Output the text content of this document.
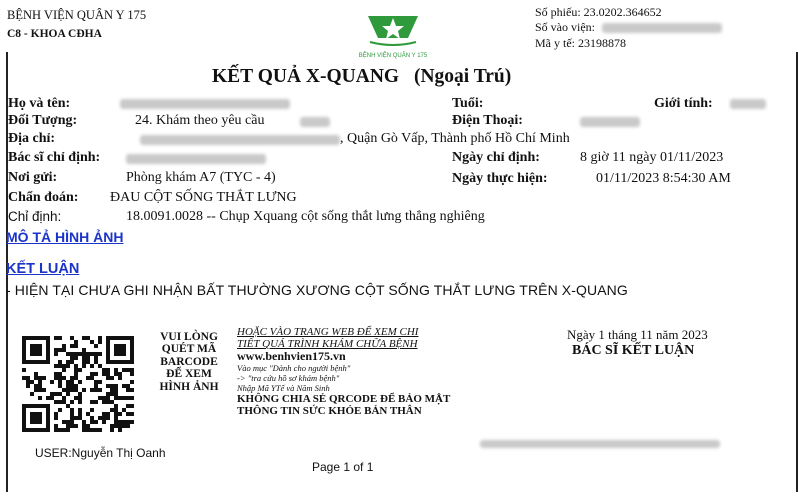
BỆNH VIỆN QUÂN Y 175
C8 - KHOA CĐHA
BỆNH VIỆN QUÂN Y 175
Số phiếu: 23.0202.364652
Số vào viện:
Mã y tế: 23198878
KẾT QUẢ X-QUANG (Ngoại Trú)
Họ và tên:	Tuổi:	Giới tính:
Đối Tượng:	24. Khám theo yêu cầu	Điện Thoại:
Địa chỉ:	, Quận Gò Vấp, Thành phố Hồ Chí Minh
Bác sĩ chỉ định:	Ngày chỉ định:	8 giờ 11 ngày 01/11/2023
Nơi gửi:	Phòng khám A7 (TYC - 4)	Ngày thực hiện:	01/11/2023 8:54:30 AM
Chẩn đoán: ĐAU CỘT SỐNG THẮT LƯNG
Chỉ định:	18.0091.0028 -- Chụp Xquang cột sống thắt lưng thẳng nghiêng
MÔ TẢ HÌNH ẢNH
KẾT LUẬN
- HIỆN TẠI CHƯA GHI NHẬN BẤT THƯỜNG XƯƠNG CỘT SỐNG THẮT LƯNG TRÊN X-QUANG
VUI LÒNG
QUÉT MÃ
BARCODE
ĐỂ XEM
HÌNH ẢNH
HOẶC VÀO TRANG WEB ĐỂ XEM CHI
TIẾT QUÁ TRÌNH KHÁM CHỮA BỆNH
www.benhvien175.vn
Vào mục "Dành cho người bệnh"
-> "tra cứu hồ sơ khám bệnh"
Nhập Mã YTế và Năm Sinh
KHÔNG CHIA SẺ QRCODE ĐỂ BẢO MẬT
THÔNG TIN SỨC KHỎE BẢN THÂN
Ngày 1 tháng 11 năm 2023
BÁC SĨ KẾT LUẬN
USER:Nguyễn Thị Oanh
Page 1 of 1
